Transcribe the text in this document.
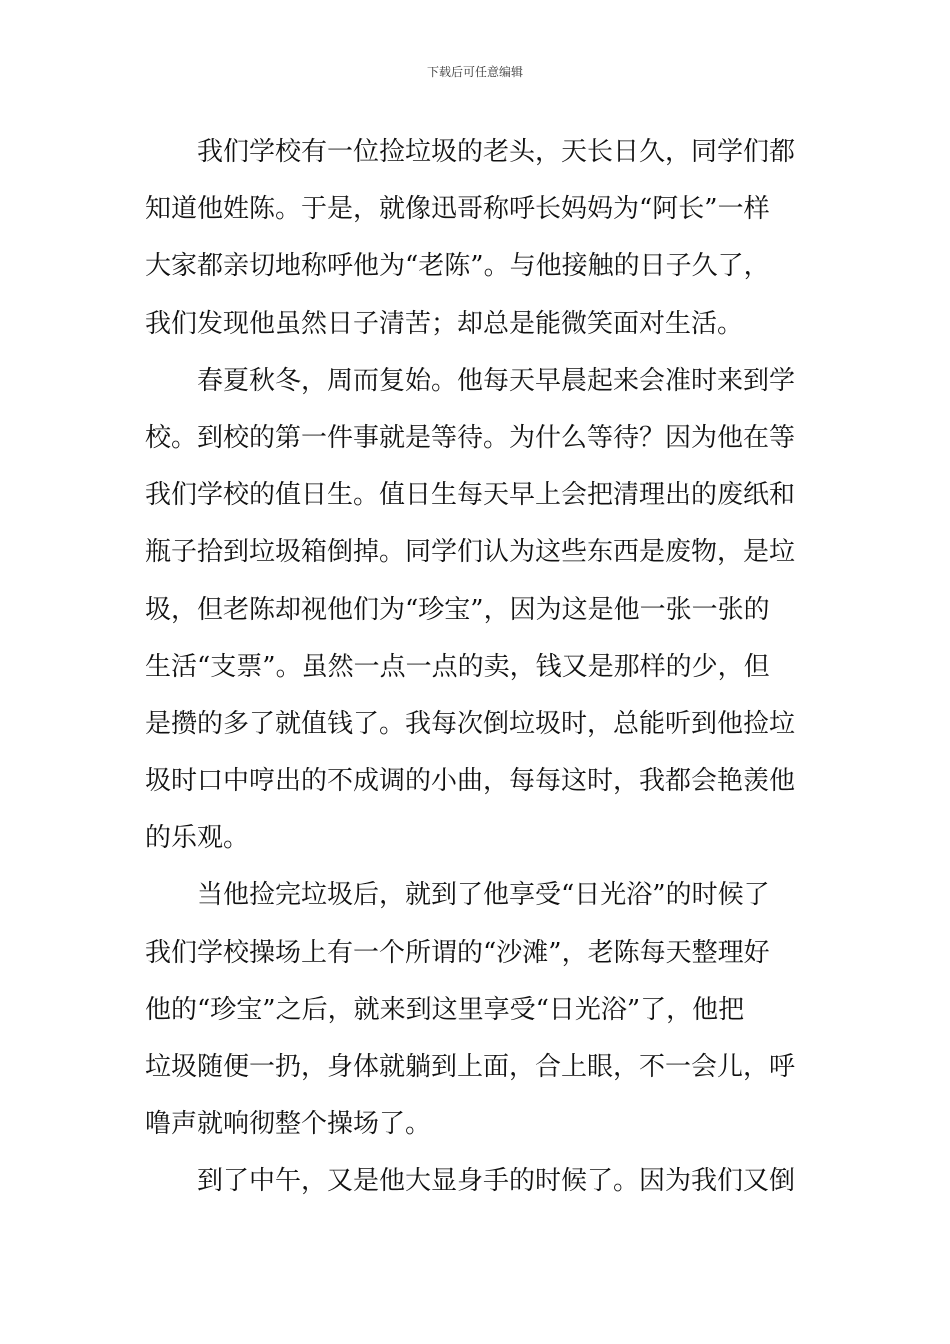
下载后可任意编辑
我们学校有一位捡垃圾的老头，天长日久，同学们都
知道他姓陈。于是，就像迅哥称呼长妈妈为“阿长”一样
大家都亲切地称呼他为“老陈”。与他接触的日子久了，
我们发现他虽然日子清苦；却总是能微笑面对生活。
春夏秋冬，周而复始。他每天早晨起来会准时来到学
校。到校的第一件事就是等待。为什么等待？因为他在等
我们学校的值日生。值日生每天早上会把清理出的废纸和
瓶子拾到垃圾箱倒掉。同学们认为这些东西是废物，是垃
圾，但老陈却视他们为“珍宝”，因为这是他一张一张的
生活“支票”。虽然一点一点的卖，钱又是那样的少，但
是攒的多了就值钱了。我每次倒垃圾时，总能听到他捡垃
圾时口中哼出的不成调的小曲，每每这时，我都会艳羡他
的乐观。
当他捡完垃圾后，就到了他享受“日光浴”的时候了
我们学校操场上有一个所谓的“沙滩”，老陈每天整理好
他的“珍宝”之后，就来到这里享受“日光浴”了，他把
垃圾随便一扔，身体就躺到上面，合上眼，不一会儿，呼
噜声就响彻整个操场了。
到了中午，又是他大显身手的时候了。因为我们又倒
